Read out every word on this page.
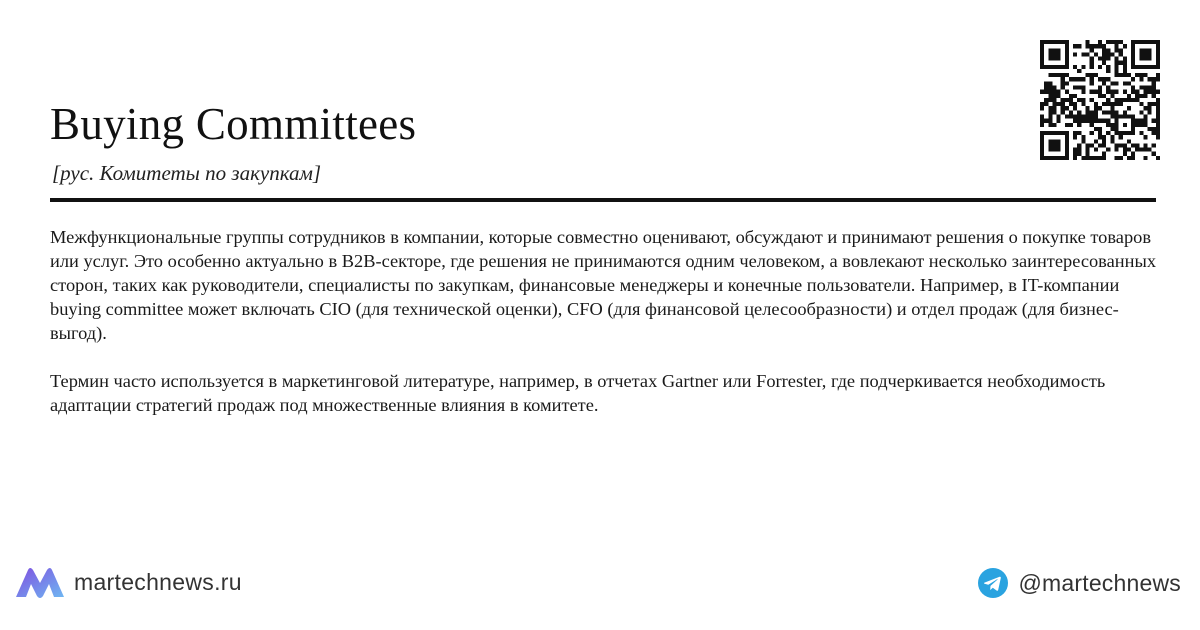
Buying Committees
[рус. Комитеты по закупкам]

Межфункциональные группы сотрудников в компании, которые совместно оценивают, обсуждают и принимают решения о покупке товаров или услуг. Это особенно актуально в B2B-секторе, где решения не принимаются одним человеком, а вовлекают несколько заинтересованных сторон, таких как руководители, специалисты по закупкам, финансовые менеджеры и конечные пользователи. Например, в IT-компании buying committee может включать CIO (для технической оценки), CFO (для финансовой целесообразности) и отдел продаж (для бизнес-выгод).

Термин часто используется в маркетинговой литературе, например, в отчетах Gartner или Forrester, где подчеркивается необходимость адаптации стратегий продаж под множественные влияния в комитете.

martechnews.ru	@martechnews
